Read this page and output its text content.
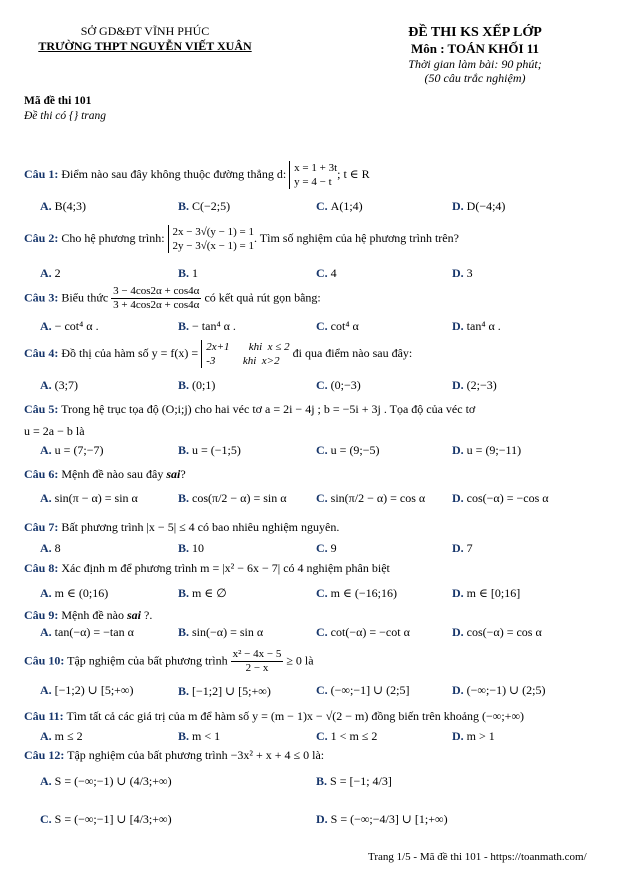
SỞ GD&ĐT VĨNH PHÚC
TRƯỜNG THPT NGUYỄN VIẾT XUÂN
ĐỀ THI KS XẾP LỚP
Môn : TOÁN KHỐI 11
Thời gian làm bài: 90 phút;
(50 câu trắc nghiệm)
Mã đề thi 101
Đề thi có {} trang
Câu 1: Điểm nào sau đây không thuộc đường thẳng d: x = 1 + 3t
y = 4 − t
; t ∈ R
A. B(4;3)	B. C(−2;5)	C. A(1;4)	D. D(−4;4)
Câu 2: Cho hệ phương trình: 2x − 3√(y − 1) = 1
2y − 3√(x − 1) = 1
. Tìm số nghiệm của hệ phương trình trên?
A. 2	B. 1	C. 4	D. 3
Câu 3: Biểu thức $\frac{3 - 4\cos 2\alpha + \cos 4\alpha}{3 + 4\cos 2\alpha + \cos 4\alpha}$ có kết quả rút gọn bằng:
A. − cot⁴ α .	B. − tan⁴ α .	C. cot⁴ α	D. tan⁴ α .
Câu 4: Đồ thị của hàm số y = f(x) = 2x+1       khi  x ≤ 2
-3          khi  x>2
đi qua điểm nào sau đây:
A. (3;7)	B. (0;1)	C. (0;−3)	D. (2;−3)
Câu 5: Trong hệ trục tọa độ (O;i;j) cho hai véc tơ a = 2i − 4j ; b = −5i + 3j . Tọa độ của véc tơ
u = 2a − b là
A. u = (7;−7)	B. u = (−1;5)	C. u = (9;−5)	D. u = (9;−11)
Câu 6: Mệnh đề nào sau đây sai?
A. sin(π − α) = sin α	B. cos(π/2 − α) = sin α C. sin(π/2 − α) = cos α D. cos(−α) = −cos α
Câu 7: Bất phương trình |x − 5| ≤ 4 có bao nhiêu nghiệm nguyên.
A. 8	B. 10	C. 9	D. 7
Câu 8: Xác định m để phương trình m = |x² − 6x − 7| có 4 nghiệm phân biệt
A. m ∈ (0;16)	B. m ∈ ∅	C. m ∈ (−16;16)	D. m ∈ [0;16]
Câu 9: Mệnh đề nào sai ?.
A. tan(−α) = −tan α	B. sin(−α) = sin α	C. cot(−α) = −cot α	D. cos(−α) = cos α
Câu 10: Tập nghiệm của bất phương trình $\frac{\text{x² − 4x − 5}}{2 - x} \ge 0$ là
A. [−1;2) ∪ [5;+∞)	B. [−1;2] ∪ [5;+∞)	C. (−∞;−1] ∪ (2;5]	D. (−∞;−1) ∪ (2;5)
Câu 11: Tìm tất cả các giá trị của m để hàm số y = (m − 1)x − √(2 − m) đồng biến trên khoảng (−∞;+∞)
A. m ≤ 2	B. m < 1	C. 1 < m ≤ 2	D. m > 1
Câu 12: Tập nghiệm của bất phương trình −3x² + x + 4 ≤ 0 là:
A. S = (−∞;−1) ∪ (4/3;+∞)	B. S = [−1; 4/3]
C. S = (−∞;−1] ∪ [4/3;+∞)	D. S = (−∞;−4/3] ∪ [1;+∞)
Trang 1/5 - Mã đề thi 101 - https://toanmath.com/
